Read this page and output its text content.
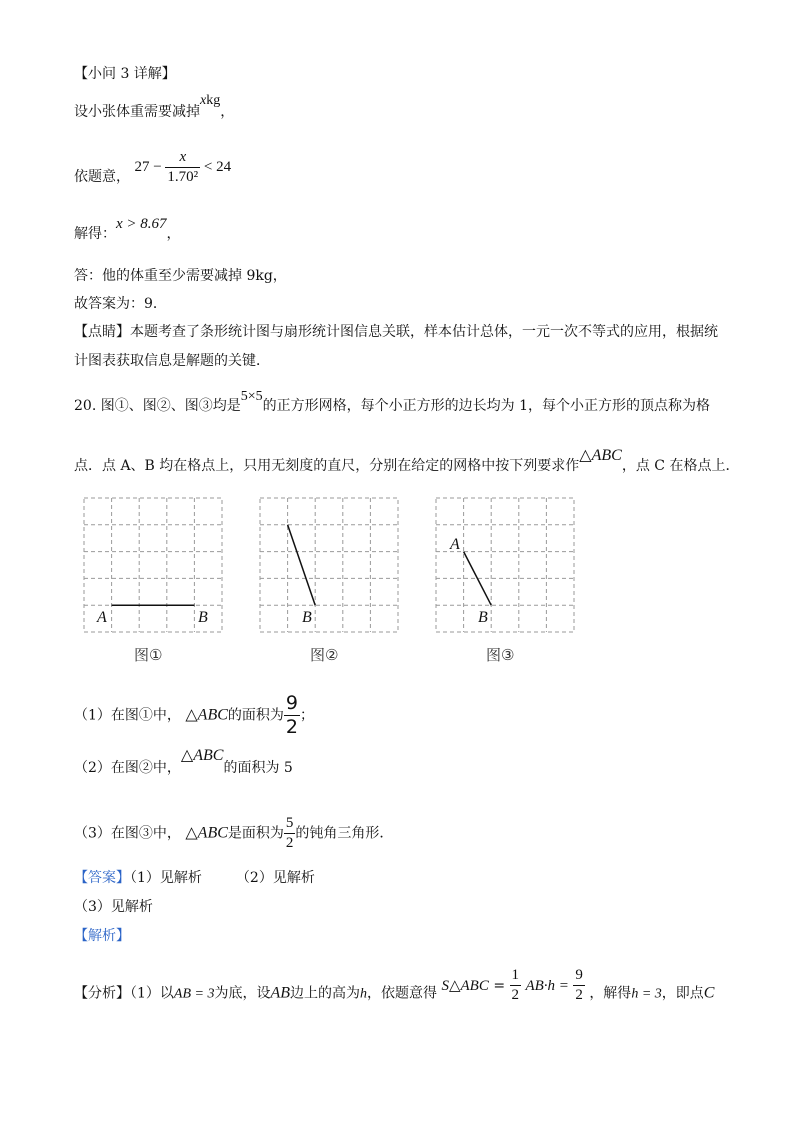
【小问 3 详解】
设小张体重需要减掉xkg，
依题意， $27 - \frac{x}{\text{1.70²}} < 24$
解得：x > 8.67，
答：他的体重至少需要减掉 9kg，
故答案为：9．
【点睛】本题考查了条形统计图与扇形统计图信息关联，样本估计总体，一元一次不等式的应用，根据统
计图表获取信息是解题的关键．
20. 图①、图②、图③均是5×5的正方形网格，每个小正方形的边长均为 1，每个小正方形的顶点称为格
点．点 A、B 均在格点上，只用无刻度的直尺，分别在给定的网格中按下列要求作△ABC，点 C 在格点上．
A	B
图①
B
图②
A
B
图③
（1）在图①中， △ABC的面积为 $\frac{9}{2}$ ；
（2）在图②中，△ABC的面积为 5
（3）在图③中， △ABC是面积为 $\frac{5}{2}$ 的钝角三角形．
【答案】（1）见解析 （2）见解析
（3）见解析
【解析】
【分析】（1）以AB = 3为底，设AB边上的高为h，依题意得 S△ABC = $\frac{1}{2} AB\cdot h = \frac{9}{2}$ ，解得h = 3，即点C
